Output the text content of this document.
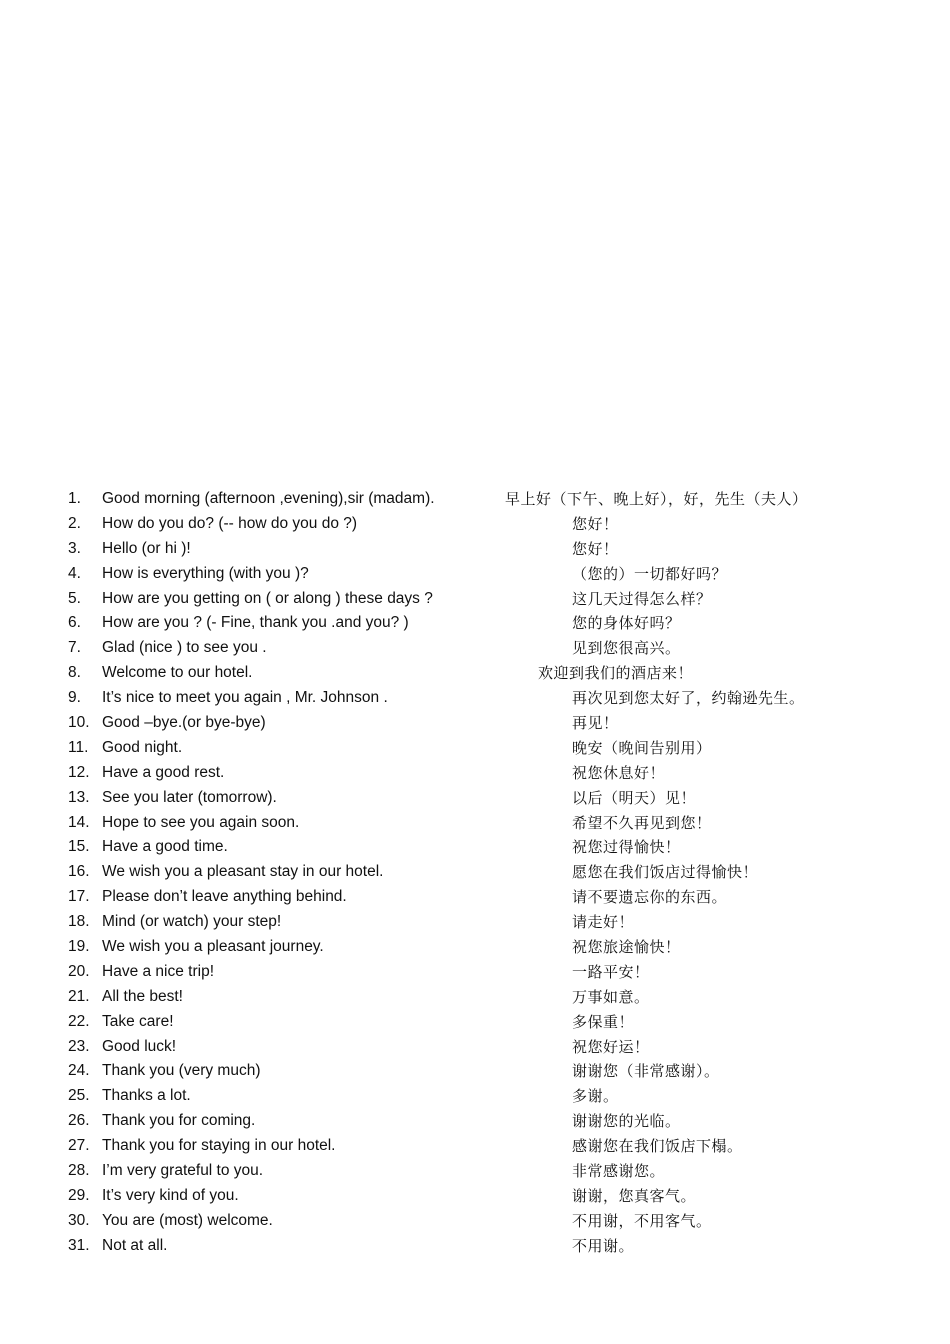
1. Good morning (afternoon ,evening),sir (madam).	早上好（下午、晚上好），好，先生（夫人）
2. How do you do? (-- how do you do ?)	您好！
3. Hello (or hi )!	您好！
4. How is everything (with you )?	（您的）一切都好吗？
5. How are you getting on ( or along ) these days ?	这几天过得怎么样？
6. How are you ? (- Fine, thank you .and you? )	您的身体好吗？
7. Glad (nice ) to see you .	见到您很高兴。
8. Welcome to our hotel.	欢迎到我们的酒店来！
9. It’s nice to meet you again , Mr. Johnson .	再次见到您太好了，约翰逊先生。
10. Good –bye.(or bye-bye)	再见！
11. Good night.	晚安（晚间告别用）
12. Have a good rest.	祝您休息好！
13. See you later (tomorrow).	以后（明天）见！
14. Hope to see you again soon.	希望不久再见到您！
15. Have a good time.	祝您过得愉快！
16. We wish you a pleasant stay in our hotel.	愿您在我们饭店过得愉快！
17. Please don’t leave anything behind.	请不要遗忘你的东西。
18. Mind (or watch) your step!	请走好！
19. We wish you a pleasant journey.	祝您旅途愉快！
20. Have a nice trip!	一路平安！
21. All the best!	万事如意。
22. Take care!	多保重！
23. Good luck!	祝您好运！
24. Thank you (very much)	谢谢您（非常感谢）。
25. Thanks a lot.	多谢。
26. Thank you for coming.	谢谢您的光临。
27. Thank you for staying in our hotel.	感谢您在我们饭店下榻。
28. I’m very grateful to you.	非常感谢您。
29. It’s very kind of you.	谢谢，您真客气。
30. You are (most) welcome.	不用谢，不用客气。
31. Not at all.	不用谢。
